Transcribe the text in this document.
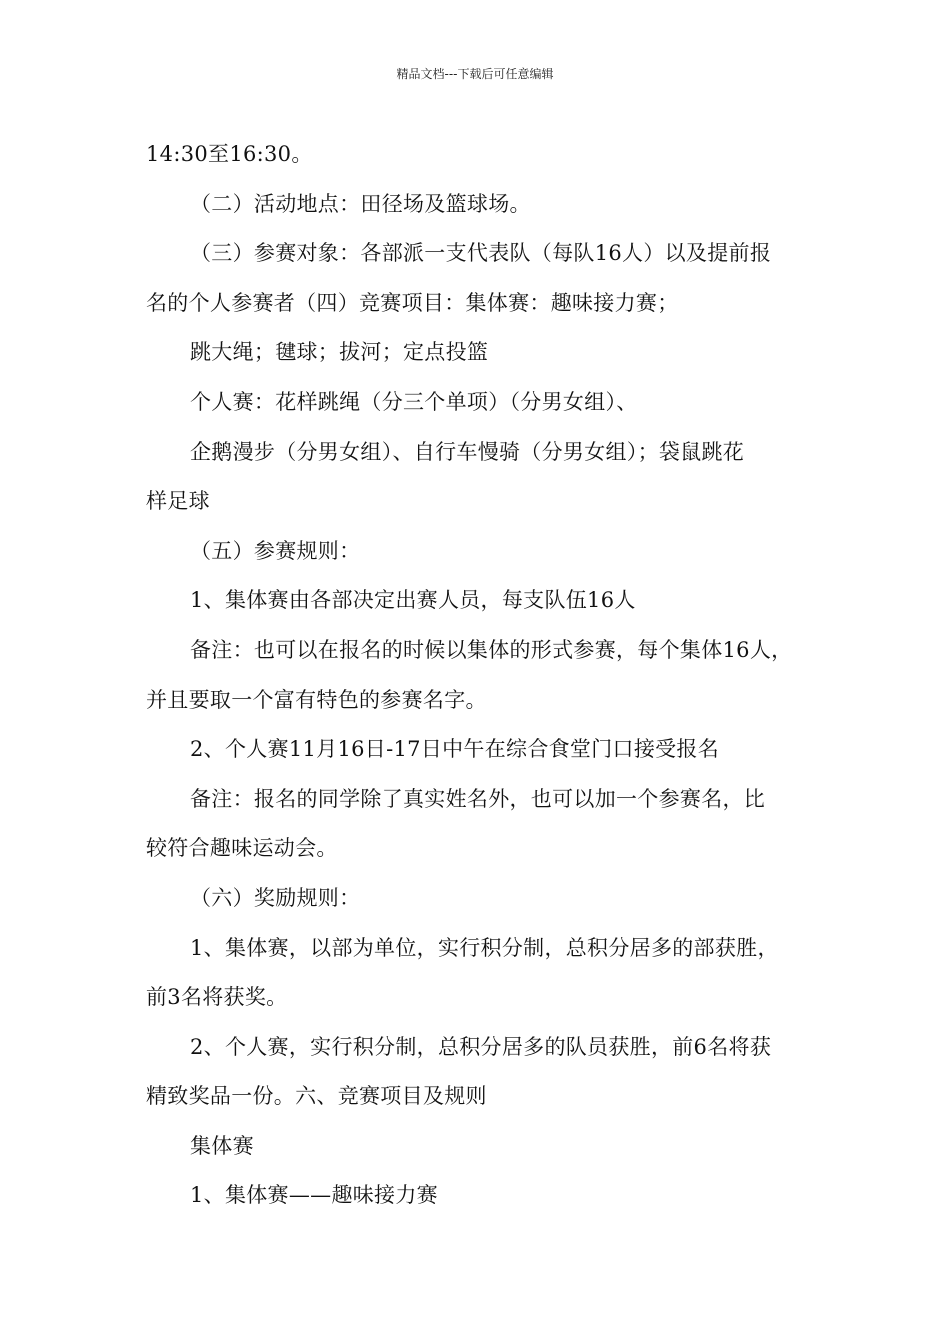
精品文档---下载后可任意编辑
14:30至16:30。
（二）活动地点：田径场及篮球场。
（三）参赛对象：各部派一支代表队（每队16人）以及提前报
名的个人参赛者（四）竞赛项目：集体赛：趣味接力赛；
跳大绳；毽球；拔河；定点投篮
个人赛：花样跳绳（分三个单项）（分男女组）、
企鹅漫步（分男女组）、自行车慢骑（分男女组）；袋鼠跳花
样足球
（五）参赛规则：
1、集体赛由各部决定出赛人员，每支队伍16人
备注：也可以在报名的时候以集体的形式参赛，每个集体16人，
并且要取一个富有特色的参赛名字。
2、个人赛11月16日-17日中午在综合食堂门口接受报名
备注：报名的同学除了真实姓名外，也可以加一个参赛名，比
较符合趣味运动会。
（六）奖励规则：
1、集体赛，以部为单位，实行积分制，总积分居多的部获胜，
前3名将获奖。
2、个人赛，实行积分制，总积分居多的队员获胜，前6名将获
精致奖品一份。六、竞赛项目及规则
集体赛
1、集体赛——趣味接力赛
